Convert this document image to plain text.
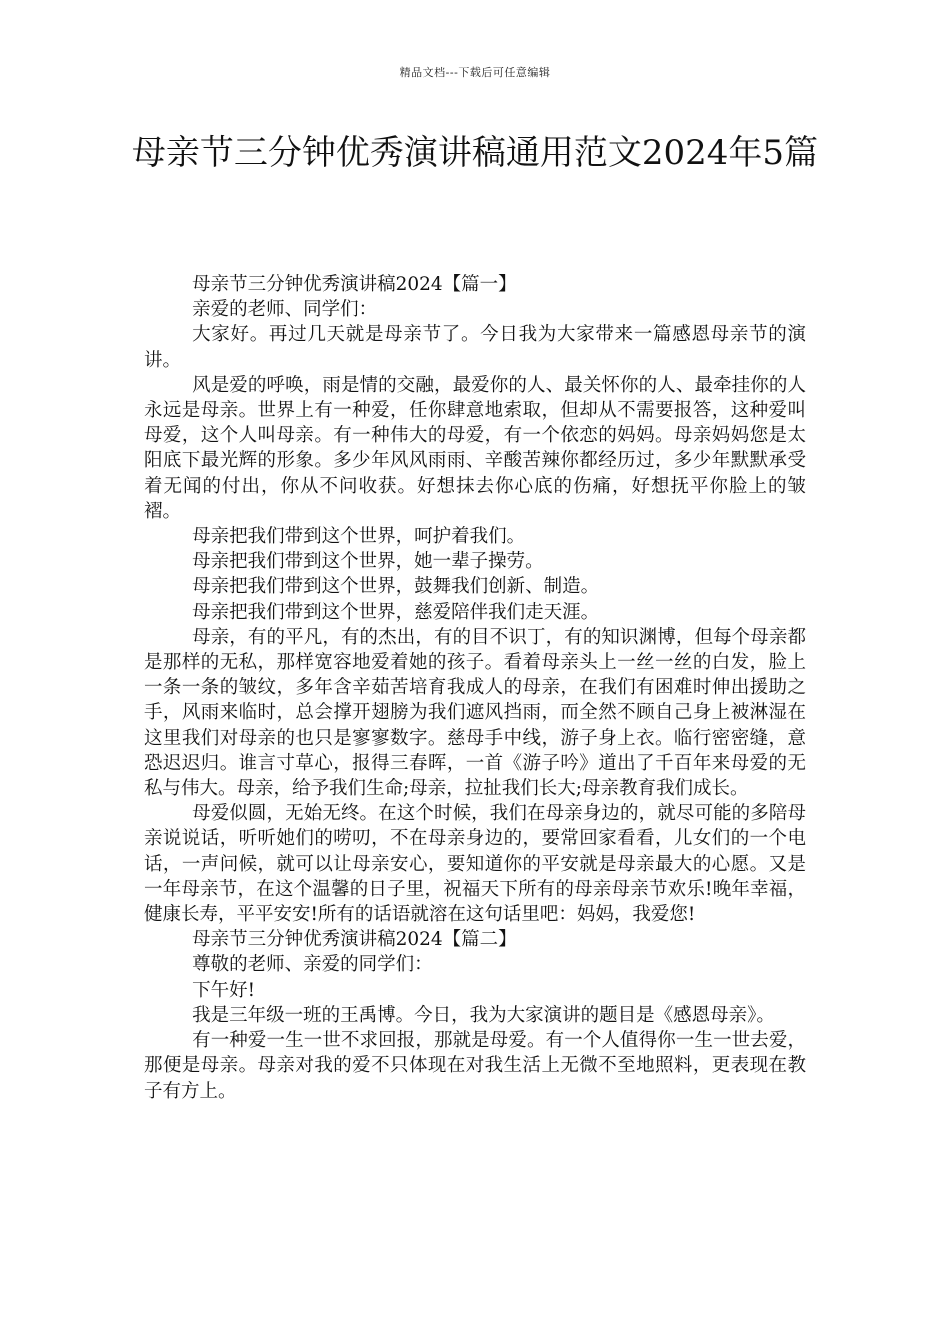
精品文档---下载后可任意编辑
母亲节三分钟优秀演讲稿通用范文2024年5篇

母亲节三分钟优秀演讲稿2024【篇一】

亲爱的老师、同学们：

大家好。再过几天就是母亲节了。今日我为大家带来一篇感恩母亲节的演讲。

风是爱的呼唤，雨是情的交融，最爱你的人、最关怀你的人、最牵挂你的人永远是母亲。世界上有一种爱，任你肆意地索取，但却从不需要报答，这种爱叫母爱，这个人叫母亲。有一种伟大的母爱，有一个依恋的妈妈。母亲妈妈您是太阳底下最光辉的形象。多少年风风雨雨、辛酸苦辣你都经历过，多少年默默承受着无闻的付出，你从不问收获。好想抹去你心底的伤痛，好想抚平你脸上的皱褶。

母亲把我们带到这个世界，呵护着我们。

母亲把我们带到这个世界，她一辈子操劳。

母亲把我们带到这个世界，鼓舞我们创新、制造。

母亲把我们带到这个世界，慈爱陪伴我们走天涯。

母亲，有的平凡，有的杰出，有的目不识丁，有的知识渊博，但每个母亲都是那样的无私，那样宽容地爱着她的孩子。看着母亲头上一丝一丝的白发，脸上一条一条的皱纹，多年含辛茹苦培育我成人的母亲，在我们有困难时伸出援助之手，风雨来临时，总会撑开翅膀为我们遮风挡雨，而全然不顾自己身上被淋湿在这里我们对母亲的也只是寥寥数字。慈母手中线，游子身上衣。临行密密缝，意恐迟迟归。谁言寸草心，报得三春晖，一首《游子吟》道出了千百年来母爱的无私与伟大。母亲，给予我们生命;母亲，拉扯我们长大;母亲教育我们成长。

母爱似圆，无始无终。在这个时候，我们在母亲身边的，就尽可能的多陪母亲说说话，听听她们的唠叨，不在母亲身边的，要常回家看看，儿女们的一个电话，一声问候，就可以让母亲安心，要知道你的平安就是母亲最大的心愿。又是一年母亲节，在这个温馨的日子里，祝福天下所有的母亲母亲节欢乐!晚年幸福，健康长寿，平平安安!所有的话语就溶在这句话里吧：妈妈，我爱您!

母亲节三分钟优秀演讲稿2024【篇二】

尊敬的老师、亲爱的同学们：

下午好!

我是三年级一班的王禹博。今日，我为大家演讲的题目是《感恩母亲》。

有一种爱一生一世不求回报，那就是母爱。有一个人值得你一生一世去爱，那便是母亲。母亲对我的爱不只体现在对我生活上无微不至地照料，更表现在教子有方上。
